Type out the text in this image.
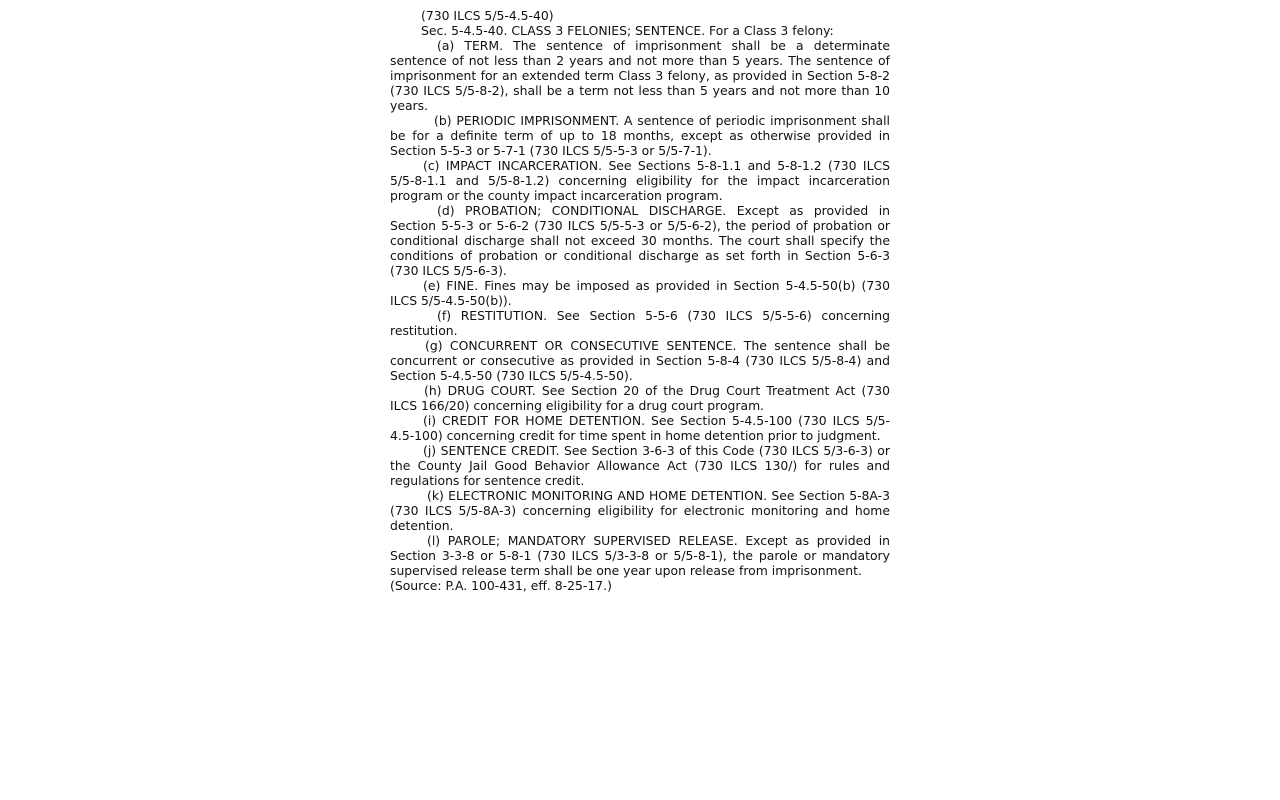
(730 ILCS 5/5-4.5-40)

Sec. 5-4.5-40. CLASS 3 FELONIES; SENTENCE. For a Class 3 felony:

(a) TERM. The sentence of imprisonment shall be a determinate sentence of not less than 2 years and not more than 5 years. The sentence of imprisonment for an extended term Class 3 felony, as provided in Section 5-8-2 (730 ILCS 5/5-8-2), shall be a term not less than 5 years and not more than 10 years.

(b) PERIODIC IMPRISONMENT. A sentence of periodic imprisonment shall be for a definite term of up to 18 months, except as otherwise provided in Section 5-5-3 or 5-7-1 (730 ILCS 5/5-5-3 or 5/5-7-1).

(c) IMPACT INCARCERATION. See Sections 5-8-1.1 and 5-8-1.2 (730 ILCS 5/5-8-1.1 and 5/5-8-1.2) concerning eligibility for the impact incarceration program or the county impact incarceration program.

(d) PROBATION; CONDITIONAL DISCHARGE. Except as provided in Section 5-5-3 or 5-6-2 (730 ILCS 5/5-5-3 or 5/5-6-2), the period of probation or conditional discharge shall not exceed 30 months. The court shall specify the conditions of probation or conditional discharge as set forth in Section 5-6-3 (730 ILCS 5/5-6-3).

(e) FINE. Fines may be imposed as provided in Section 5-4.5-50(b) (730 ILCS 5/5-4.5-50(b)).

(f) RESTITUTION. See Section 5-5-6 (730 ILCS 5/5-5-6) concerning restitution.

(g) CONCURRENT OR CONSECUTIVE SENTENCE. The sentence shall be concurrent or consecutive as provided in Section 5-8-4 (730 ILCS 5/5-8-4) and Section 5-4.5-50 (730 ILCS 5/5-4.5-50).

(h) DRUG COURT. See Section 20 of the Drug Court Treatment Act (730 ILCS 166/20) concerning eligibility for a drug court program.

(i) CREDIT FOR HOME DETENTION. See Section 5-4.5-100 (730 ILCS 5/5-4.5-100) concerning credit for time spent in home detention prior to judgment.

(j) SENTENCE CREDIT. See Section 3-6-3 of this Code (730 ILCS 5/3-6-3) or the County Jail Good Behavior Allowance Act (730 ILCS 130/) for rules and regulations for sentence credit.

(k) ELECTRONIC MONITORING AND HOME DETENTION. See Section 5-8A-3 (730 ILCS 5/5-8A-3) concerning eligibility for electronic monitoring and home detention.

(l) PAROLE; MANDATORY SUPERVISED RELEASE. Except as provided in Section 3-3-8 or 5-8-1 (730 ILCS 5/3-3-8 or 5/5-8-1), the parole or mandatory supervised release term shall be one year upon release from imprisonment.

(Source: P.A. 100-431, eff. 8-25-17.)
